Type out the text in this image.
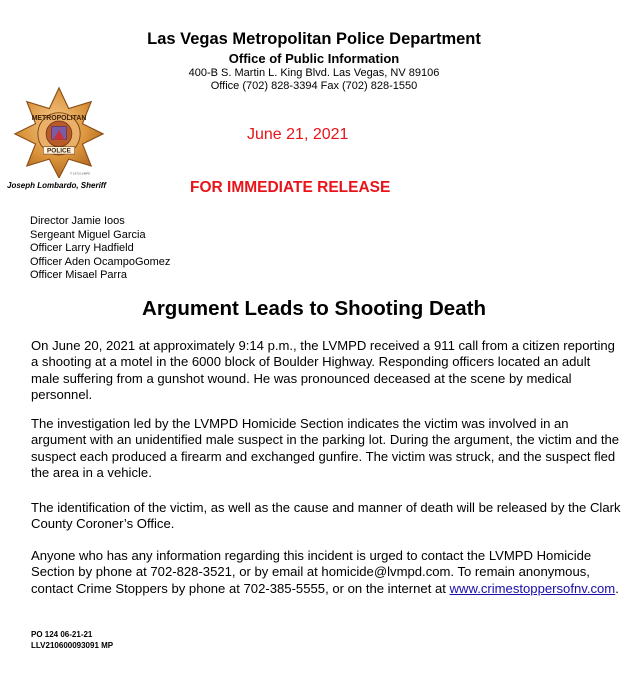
Las Vegas Metropolitan Police Department
Office of Public Information
400-B S. Martin L. King Blvd. Las Vegas, NV 89106
Office (702) 828-3394 Fax (702) 828-1550
METROPOLITAN
POLICE
© 1973 LVMPD
Joseph Lombardo, Sheriff
June 21, 2021
FOR IMMEDIATE RELEASE
Director Jamie Ioos
Sergeant Miguel Garcia
Officer Larry Hadfield
Officer Aden OcampoGomez
Officer Misael Parra
Argument Leads to Shooting Death
On June 20, 2021 at approximately 9:14 p.m., the LVMPD received a 911 call from a citizen reporting a shooting at a motel in the 6000 block of Boulder Highway. Responding officers located an adult male suffering from a gunshot wound. He was pronounced deceased at the scene by medical personnel.
The investigation led by the LVMPD Homicide Section indicates the victim was involved in an argument with an unidentified male suspect in the parking lot. During the argument, the victim and the suspect each produced a firearm and exchanged gunfire. The victim was struck, and the suspect fled the area in a vehicle.
The identification of the victim, as well as the cause and manner of death will be released by the Clark County Coroner’s Office.
Anyone who has any information regarding this incident is urged to contact the LVMPD Homicide Section by phone at 702-828-3521, or by email at homicide@lvmpd.com. To remain anonymous, contact Crime Stoppers by phone at 702-385-5555, or on the internet at www.crimestoppersofnv.com.
PO 124 06-21-21
LLV210600093091 MP
